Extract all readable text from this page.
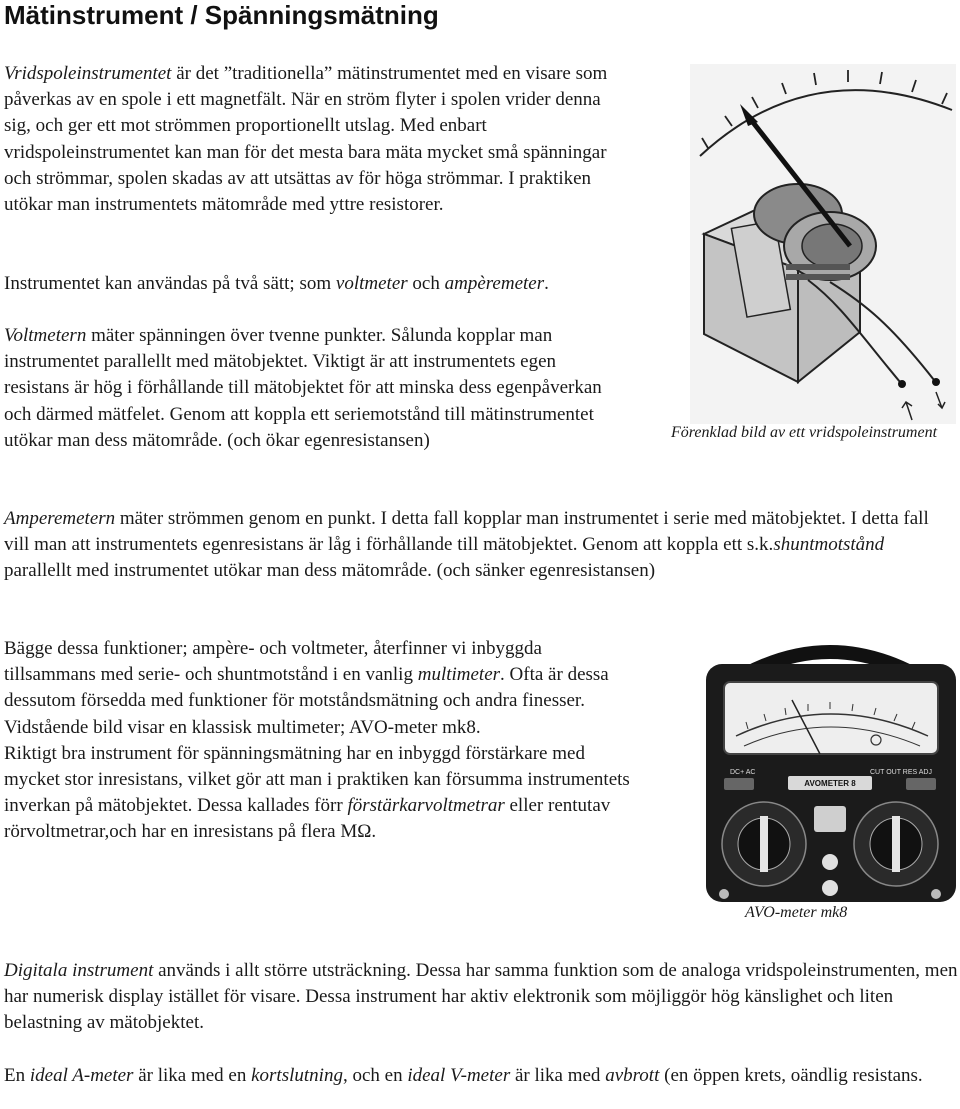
Mätinstrument / Spänningsmätning

Vridspoleinstrumentet är det ”traditionella” mätinstrumentet med en visare som påverkas av en spole i ett magnetfält. När en ström flyter i spolen vrider denna sig, och ger ett mot strömmen proportionellt utslag. Med enbart vridspoleinstrumentet kan man för det mesta bara mäta mycket små spänningar och strömmar, spolen skadas av att utsättas av för höga strömmar. I praktiken utökar man instrumentets mätområde med yttre resistorer.

Instrumentet kan användas på två sätt; som voltmeter och ampèremeter.

Voltmetern mäter spänningen över tvenne punkter. Sålunda kopplar man instrumentet parallellt med mätobjektet. Viktigt är att instrumentets egen resistans är hög i förhållande till mätobjektet för att minska dess egenpåverkan och därmed mätfelet. Genom att koppla ett seriemotstånd till mätinstrumentet utökar man dess mätområde. (och ökar egenresistansen)	Förenklad bild av ett vridspoleinstrument

Amperemetern mäter strömmen genom en punkt. I detta fall kopplar man instrumentet i serie med mätobjektet. I detta fall vill man att instrumentets egenresistans är låg i förhållande till mätobjektet. Genom att koppla ett s.k.shuntmotstånd parallellt med instrumentet utökar man dess mätområde. (och sänker egenresistansen)

Bägge dessa funktioner; ampère- och voltmeter, återfinner vi inbyggda tillsammans med serie- och shuntmotstånd i en vanlig multimeter. Ofta är dessa dessutom försedda med funktioner för motståndsmätning och andra finesser. Vidstående bild visar en klassisk multimeter; AVO-meter mk8.
Riktigt bra instrument för spänningsmätning har en inbyggd förstärkare med mycket stor inresistans, vilket gör att man i praktiken kan försumma instrumentets inverkan på mätobjektet. Dessa kallades förr förstärkarvoltmetrar eller rentutav rörvoltmetrar,och har en inresistans på flera MΩ.

DC+ AC	CUT OUT RES ADJ
AVOMETER 8
AVO-meter mk8

Digitala instrument används i allt större utsträckning. Dessa har samma funktion som de analoga vridspoleinstrumenten, men har numerisk display istället för visare. Dessa instrument har aktiv elektronik som möjliggör hög känslighet och liten belastning av mätobjektet.

En ideal A-meter är lika med en kortslutning, och en ideal V-meter är lika med avbrott (en öppen krets, oändlig resistans.
